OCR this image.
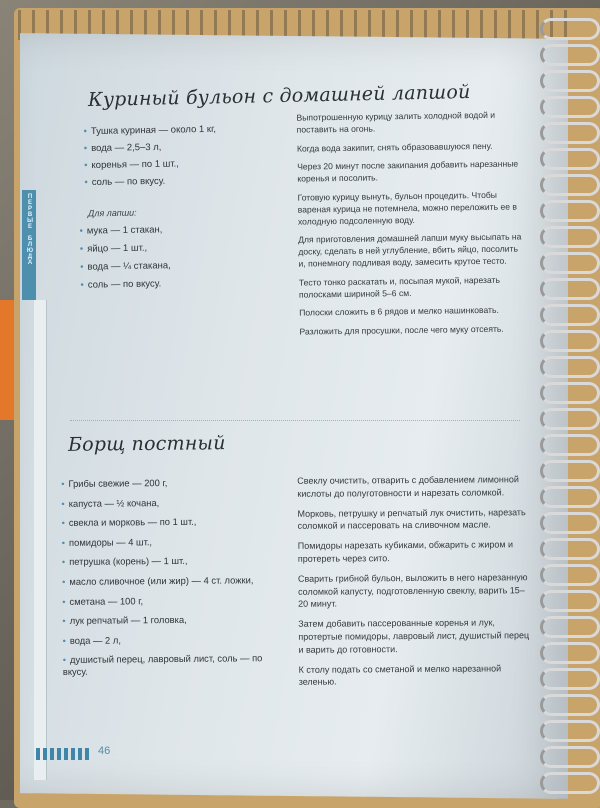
ПЕРВЫЕ БЛЮДА
Куриный бульон с домашней лапшой
• Тушка куриная — около 1 кг,
• вода — 2,5–3 л,
• коренья — по 1 шт.,
• соль — по вкусу.
Для лапши:
• мука — 1 стакан,
• яйцо — 1 шт.,
• вода — ¼ стакана,
• соль — по вкусу.

Выпотрошенную курицу залить холодной водой и поставить на огонь.

Когда вода закипит, снять образовавшуюся пену.

Через 20 минут после закипания добавить нарезанные коренья и посолить.

Готовую курицу вынуть, бульон процедить. Чтобы вареная курица не потемнела, можно переложить ее в холодную подсоленную воду.

Для приготовления домашней лапши муку высыпать на доску, сделать в ней углубление, вбить яйцо, посолить и, понемногу подливая воду, замесить крутое тесто.

Тесто тонко раскатать и, посыпая мукой, нарезать полосками шириной 5–6 см.

Полоски сложить в 6 рядов и мелко нашинковать.

Разложить для просушки, после чего муку отсеять.

Борщ постный
• Грибы свежие — 200 г,
• капуста — ½ кочана,
• свекла и морковь — по 1 шт.,
• помидоры — 4 шт.,
• петрушка (корень) — 1 шт.,
• масло сливочное (или жир) — 4 ст. ложки,
• сметана — 100 г,
• лук репчатый — 1 головка,
• вода — 2 л,
• душистый перец, лавровый лист, соль — по вкусу.

Свеклу очистить, отварить с добавлением лимонной кислоты до полуготовности и нарезать соломкой.

Морковь, петрушку и репчатый лук очистить, нарезать соломкой и пассеровать на сливочном масле.

Помидоры нарезать кубиками, обжарить с жиром и протереть через сито.

Сварить грибной бульон, выложить в него нарезанную соломкой капусту, подготовленную свеклу, варить 15–20 минут.

Затем добавить пассерованные коренья и лук, протертые помидоры, лавровый лист, душистый перец и варить до готовности.

К столу подать со сметаной и мелко нарезанной зеленью.

46
